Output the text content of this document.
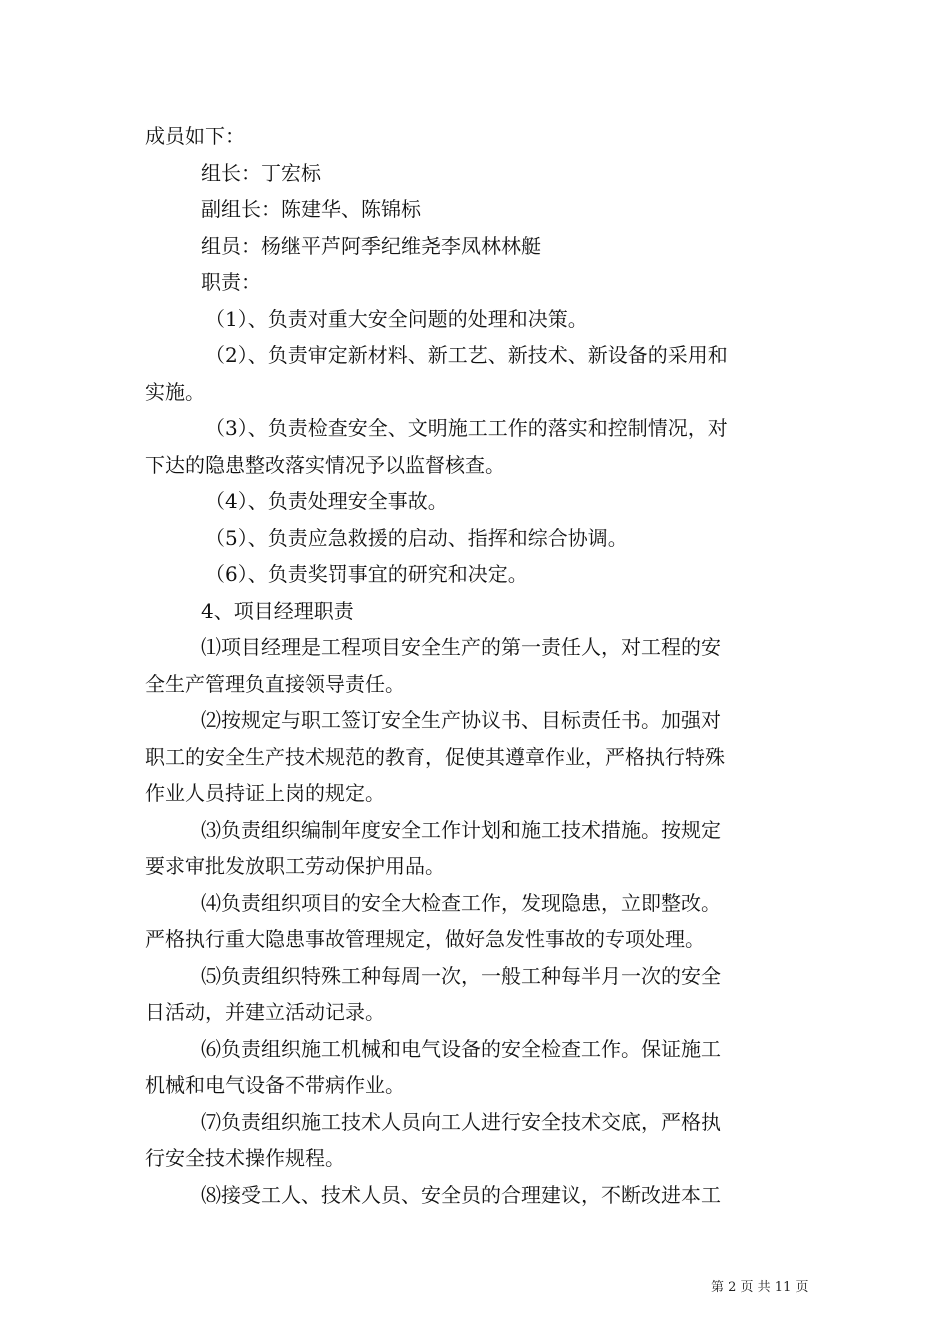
成员如下：
组长：丁宏标
副组长：陈建华、陈锦标
组员：杨继平芦阿季纪维尧李凤林林艇
职责：
（1）、负责对重大安全问题的处理和决策。
（2）、负责审定新材料、新工艺、新技术、新设备的采用和
实施。
（3）、负责检查安全、文明施工工作的落实和控制情况，对
下达的隐患整改落实情况予以监督核查。
（4）、负责处理安全事故。
（5）、负责应急救援的启动、指挥和综合协调。
（6）、负责奖罚事宜的研究和决定。
4、项目经理职责
⑴项目经理是工程项目安全生产的第一责任人，对工程的安
全生产管理负直接领导责任。
⑵按规定与职工签订安全生产协议书、目标责任书。加强对
职工的安全生产技术规范的教育，促使其遵章作业，严格执行特殊
作业人员持证上岗的规定。
⑶负责组织编制年度安全工作计划和施工技术措施。按规定
要求审批发放职工劳动保护用品。
⑷负责组织项目的安全大检查工作，发现隐患，立即整改。
严格执行重大隐患事故管理规定，做好急发性事故的专项处理。
⑸负责组织特殊工种每周一次，一般工种每半月一次的安全
日活动，并建立活动记录。
⑹负责组织施工机械和电气设备的安全检查工作。保证施工
机械和电气设备不带病作业。
⑺负责组织施工技术人员向工人进行安全技术交底，严格执
行安全技术操作规程。
⑻接受工人、技术人员、安全员的合理建议，不断改进本工
第 2 页 共 11 页
